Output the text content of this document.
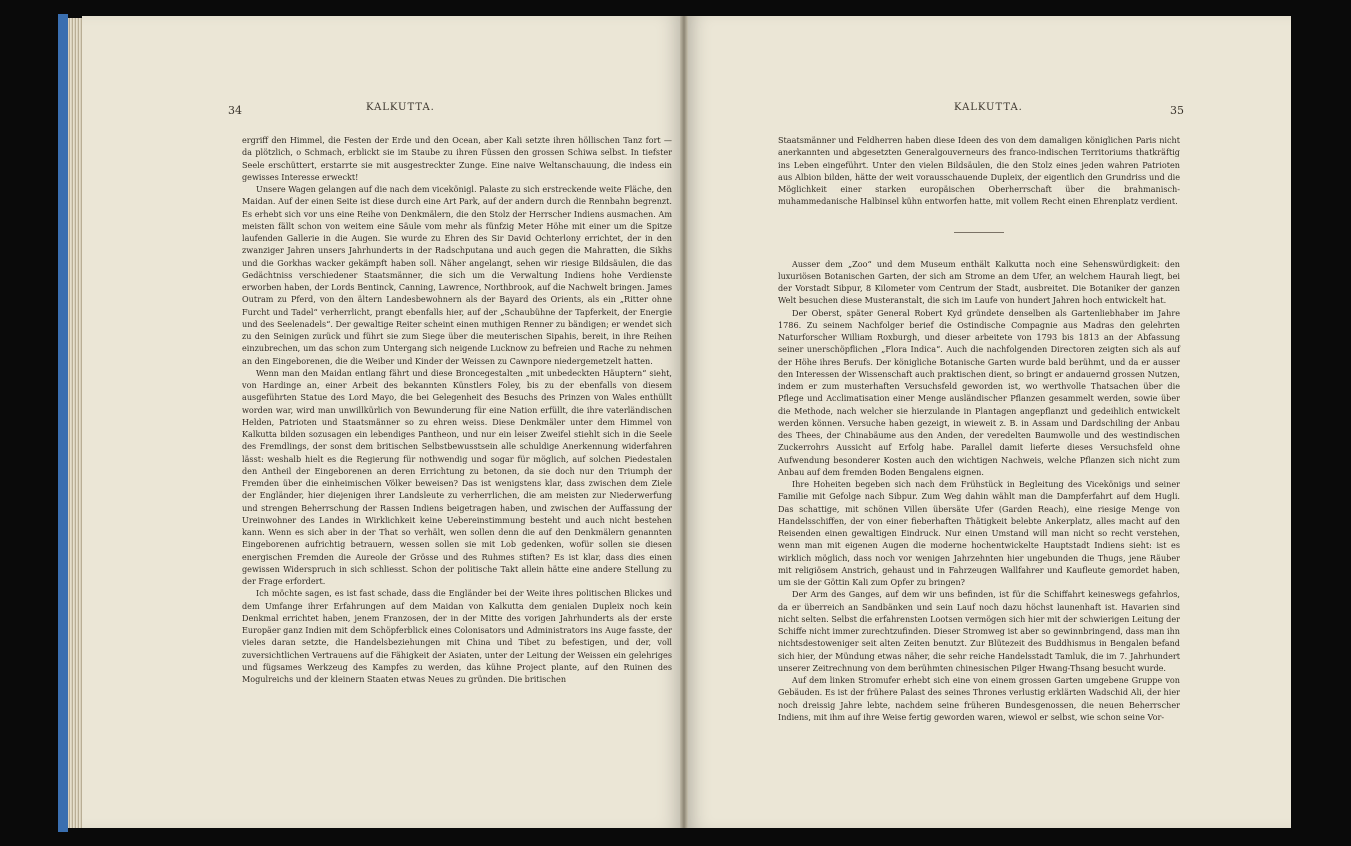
34	KALKUTTA.

ergriff den Himmel, die Festen der Erde und den Ocean, aber Kali setzte ihren höllischen Tanz fort — da plötzlich, o Schmach, erblickt sie im Staube zu ihren Füssen den grossen Schiwa selbst. In tiefster Seele erschüttert, erstarrte sie mit ausgestreckter Zunge. Eine naive Weltanschauung, die indess ein gewisses Interesse erweckt!

Unsere Wagen gelangen auf die nach dem vicekönigl. Palaste zu sich erstreckende weite Fläche, den Maidan. Auf der einen Seite ist diese durch eine Art Park, auf der andern durch die Rennbahn begrenzt. Es erhebt sich vor uns eine Reihe von Denkmälern, die den Stolz der Herrscher Indiens ausmachen. Am meisten fällt schon von weitem eine Säule vom mehr als fünfzig Meter Höhe mit einer um die Spitze laufenden Gallerie in die Augen. Sie wurde zu Ehren des Sir David Ochterlony errichtet, der in den zwanziger Jahren unsers Jahrhunderts in der Radschputana und auch gegen die Mahratten, die Sikhs und die Gorkhas wacker gekämpft haben soll. Näher angelangt, sehen wir riesige Bildsäulen, die das Gedächtniss verschiedener Staatsmänner, die sich um die Verwaltung Indiens hohe Verdienste erworben haben, der Lords Bentinck, Canning, Lawrence, Northbrook, auf die Nachwelt bringen. James Outram zu Pferd, von den ältern Landesbewohnern als der Bayard des Orients, als ein „Ritter ohne Furcht und Tadel“ verherrlicht, prangt ebenfalls hier, auf der „Schaubühne der Tapferkeit, der Energie und des Seelenadels“. Der gewaltige Reiter scheint einen muthigen Renner zu bändigen; er wendet sich zu den Seinigen zurück und führt sie zum Siege über die meuterischen Sipahis, bereit, in ihre Reihen einzubrechen, um das schon zum Untergang sich neigende Lucknow zu befreien und Rache zu nehmen an den Eingeborenen, die die Weiber und Kinder der Weissen zu Cawnpore niedergemetzelt hatten.

Wenn man den Maidan entlang fährt und diese Broncegestalten „mit unbedeckten Häuptern“ sieht, von Hardinge an, einer Arbeit des bekannten Künstlers Foley, bis zu der ebenfalls von diesem ausgeführten Statue des Lord Mayo, die bei Gelegenheit des Besuchs des Prinzen von Wales enthüllt worden war, wird man unwillkürlich von Bewunderung für eine Nation erfüllt, die ihre vaterländischen Helden, Patrioten und Staatsmänner so zu ehren weiss. Diese Denkmäler unter dem Himmel von Kalkutta bilden sozusagen ein lebendiges Pantheon, und nur ein leiser Zweifel stiehlt sich in die Seele des Fremdlings, der sonst dem britischen Selbstbewusstsein alle schuldige Anerkennung widerfahren lässt: weshalb hielt es die Regierung für nothwendig und sogar für möglich, auf solchen Piedestalen den Antheil der Eingeborenen an deren Errichtung zu betonen, da sie doch nur den Triumph der Fremden über die einheimischen Völker beweisen? Das ist wenigstens klar, dass zwischen dem Ziele der Engländer, hier diejenigen ihrer Landsleute zu verherrlichen, die am meisten zur Niederwerfung und strengen Beherrschung der Rassen Indiens beigetragen haben, und zwischen der Auffassung der Ureinwohner des Landes in Wirklichkeit keine Uebereinstimmung besteht und auch nicht bestehen kann. Wenn es sich aber in der That so verhält, wen sollen denn die auf den Denkmälern genannten Eingeborenen aufrichtig betrauern, wessen sollen sie mit Lob gedenken, wofür sollen sie diesen energischen Fremden die Aureole der Grösse und des Ruhmes stiften? Es ist klar, dass dies einen gewissen Widerspruch in sich schliesst. Schon der politische Takt allein hätte eine andere Stellung zu der Frage erfordert.

Ich möchte sagen, es ist fast schade, dass die Engländer bei der Weite ihres politischen Blickes und dem Umfange ihrer Erfahrungen auf dem Maidan von Kalkutta dem genialen Dupleix noch kein Denkmal errichtet haben, jenem Franzosen, der in der Mitte des vorigen Jahrhunderts als der erste Europäer ganz Indien mit dem Schöpferblick eines Colonisators und Administrators ins Auge fasste, der vieles daran setzte, die Handelsbeziehungen mit China und Tibet zu befestigen, und der, voll zuversichtlichen Vertrauens auf die Fähigkeit der Asiaten, unter der Leitung der Weissen ein gelehriges und fügsames Werkzeug des Kampfes zu werden, das kühne Project plante, auf den Ruinen des Mogulreichs und der kleinern Staaten etwas Neues zu gründen. Die britischen

KALKUTTA.	35

Staatsmänner und Feldherren haben diese Ideen des von dem damaligen königlichen Paris nicht anerkannten und abgesetzten Generalgouverneurs des franco-indischen Territoriums thatkräftig ins Leben eingeführt. Unter den vielen Bildsäulen, die den Stolz eines jeden wahren Patrioten aus Albion bilden, hätte der weit vorausschauende Dupleix, der eigentlich den Grundriss und die Möglichkeit einer starken europäischen Oberherrschaft über die brahmanisch-muhammedanische Halbinsel kühn entworfen hatte, mit vollem Recht einen Ehrenplatz verdient.

Ausser dem „Zoo“ und dem Museum enthält Kalkutta noch eine Sehenswürdigkeit: den luxuriösen Botanischen Garten, der sich am Strome an dem Ufer, an welchem Haurah liegt, bei der Vorstadt Sibpur, 8 Kilometer vom Centrum der Stadt, ausbreitet. Die Botaniker der ganzen Welt besuchen diese Musteranstalt, die sich im Laufe von hundert Jahren hoch entwickelt hat.

Der Oberst, später General Robert Kyd gründete denselben als Gartenliebhaber im Jahre 1786. Zu seinem Nachfolger berief die Ostindische Compagnie aus Madras den gelehrten Naturforscher William Roxburgh, und dieser arbeitete von 1793 bis 1813 an der Abfassung seiner unerschöpflichen „Flora Indica“. Auch die nachfolgenden Directoren zeigten sich als auf der Höhe ihres Berufs. Der königliche Botanische Garten wurde bald berühmt, und da er ausser den Interessen der Wissenschaft auch praktischen dient, so bringt er andauernd grossen Nutzen, indem er zum musterhaften Versuchsfeld geworden ist, wo werthvolle Thatsachen über die Pflege und Acclimatisation einer Menge ausländischer Pflanzen gesammelt werden, sowie über die Methode, nach welcher sie hierzulande in Plantagen angepflanzt und gedeihlich entwickelt werden können. Versuche haben gezeigt, in wieweit z. B. in Assam und Dardschiling der Anbau des Thees, der Chinabäume aus den Anden, der veredelten Baumwolle und des westindischen Zuckerrohrs Aussicht auf Erfolg habe. Parallel damit lieferte dieses Versuchsfeld ohne Aufwendung besonderer Kosten auch den wichtigen Nachweis, welche Pflanzen sich nicht zum Anbau auf dem fremden Boden Bengalens eignen.

Ihre Hoheiten begeben sich nach dem Frühstück in Begleitung des Vicekönigs und seiner Familie mit Gefolge nach Sibpur. Zum Weg dahin wählt man die Dampferfahrt auf dem Hugli. Das schattige, mit schönen Villen übersäte Ufer (Garden Reach), eine riesige Menge von Handelsschiffen, der von einer fieberhaften Thätigkeit belebte Ankerplatz, alles macht auf den Reisenden einen gewaltigen Eindruck. Nur einen Umstand will man nicht so recht verstehen, wenn man mit eigenen Augen die moderne hochentwickelte Hauptstadt Indiens sieht: ist es wirklich möglich, dass noch vor wenigen Jahrzehnten hier ungebunden die Thugs, jene Räuber mit religiösem Anstrich, gehaust und in Fahrzeugen Wallfahrer und Kaufleute gemordet haben, um sie der Göttin Kali zum Opfer zu bringen?

Der Arm des Ganges, auf dem wir uns befinden, ist für die Schiffahrt keineswegs gefahrlos, da er überreich an Sandbänken und sein Lauf noch dazu höchst launenhaft ist. Havarien sind nicht selten. Selbst die erfahrensten Lootsen vermögen sich hier mit der schwierigen Leitung der Schiffe nicht immer zurechtzufinden. Dieser Stromweg ist aber so gewinnbringend, dass man ihn nichtsdestoweniger seit alten Zeiten benutzt. Zur Blütezeit des Buddhismus in Bengalen befand sich hier, der Mündung etwas näher, die sehr reiche Handelsstadt Tamluk, die im 7. Jahrhundert unserer Zeitrechnung von dem berühmten chinesischen Pilger Hwang-Thsang besucht wurde.

Auf dem linken Stromufer erhebt sich eine von einem grossen Garten umgebene Gruppe von Gebäuden. Es ist der frühere Palast des seines Thrones verlustig erklärten Wadschid Ali, der hier noch dreissig Jahre lebte, nachdem seine früheren Bundesgenossen, die neuen Beherrscher Indiens, mit ihm auf ihre Weise fertig geworden waren, wiewol er selbst, wie schon seine Vor-
